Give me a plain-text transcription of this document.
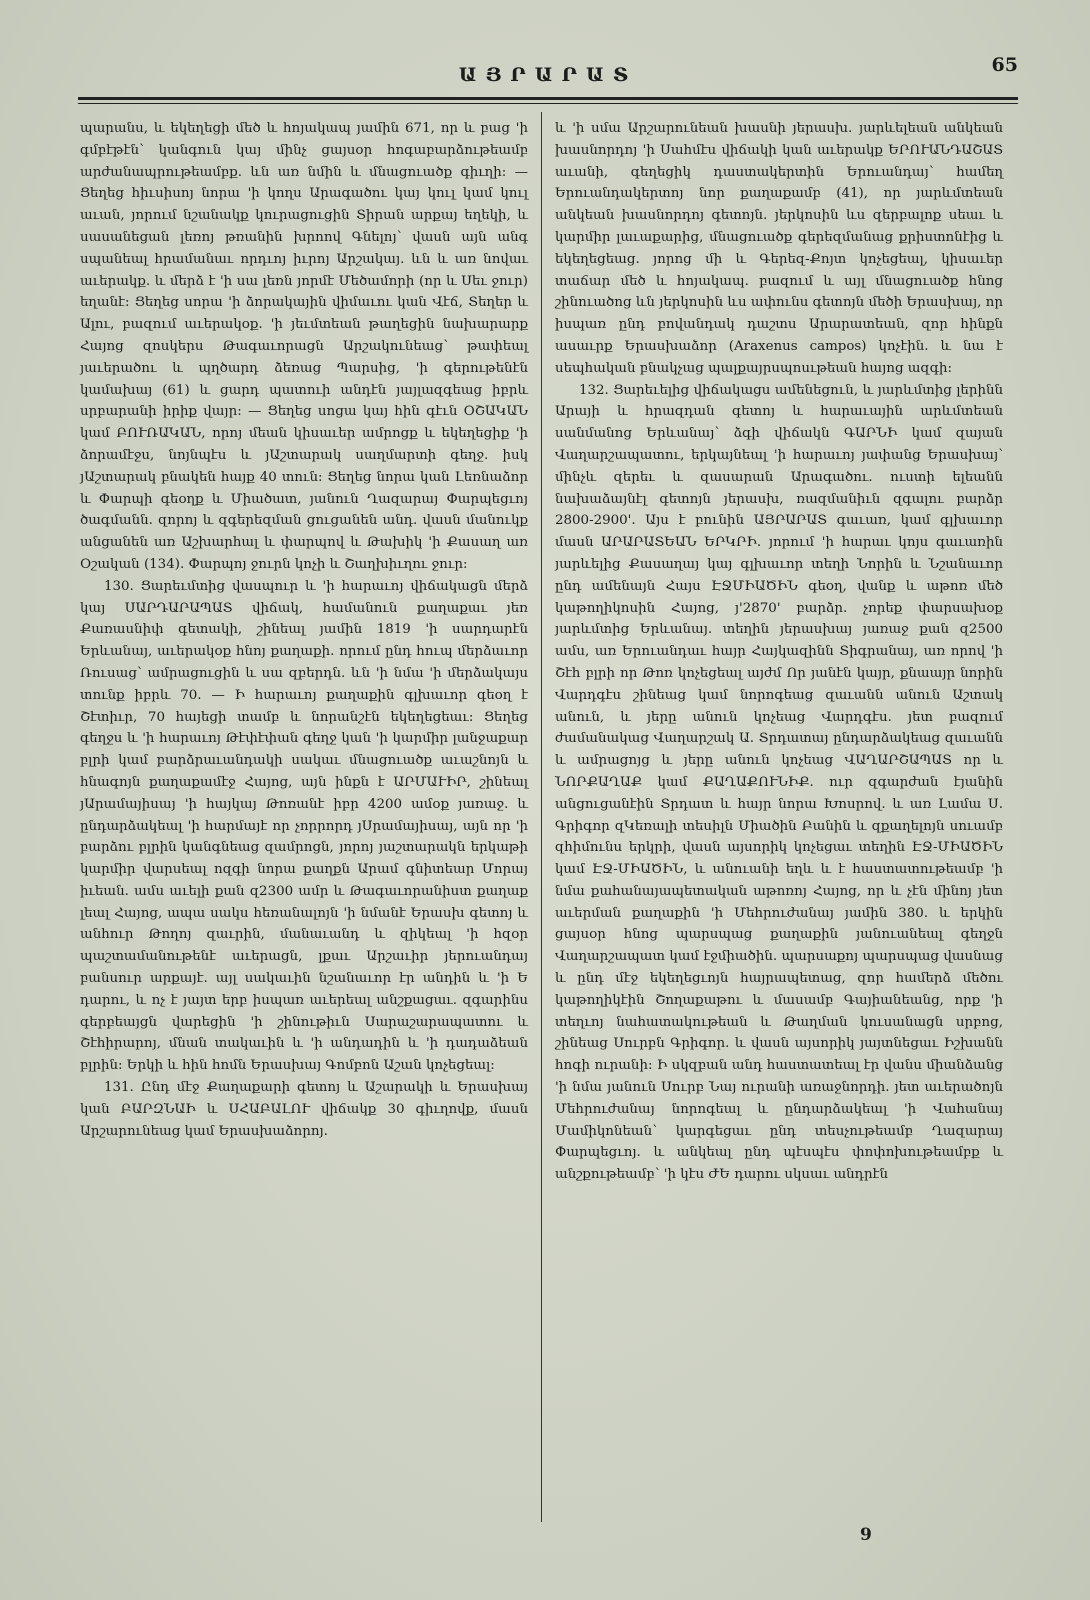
ԱՅՐԱՐԱՏ	65

պարանս, և եկեղեցի մեծ և հոյակապ յամին 671, որ և բաց 'ի գմբէթէն՝ կանգուն կայ մինչ ցայսօր հոգաբարձութեամբ արժանապրութեամբք. ևն առ նմին և մնացուածք գիւղի: — Ցեղեց հիւսիսոյ նորա 'ի կողս Արագածու կայ կուլ կամ կուլ աւան, յորում նշանակք կուրացուցին Տիրան արքայ եղեկի, և սասանեցան լեռոյ թռանին խրոով Գնելոյ՝ վասն այն անգ սպանեալ հրամանաւ որդւոյ իւրոյ Արշակայ. ևն և առ նովաւ աւերակք. և մերձ է 'ի սա լեռն յորմէ Մեծամորի (որ և Սեւ ջուր) եղանէ: Ցեղեց սորա 'ի ձորակային վիմաւու կան Վէճ, Տեղեր և Ալու, բազում աւերակօք. 'ի յեւմտեան թաղեցին նախարարք Հայոց զոսկերս Թագաւորացն Արշակունեաց՝ թափեալ յաւերածու և պղծարդ ձեռաց Պարսից, 'ի գերութենէն կամախայ (61) և ցարդ պատուի անդէն յայլազգեաց իբրև սրբարանի իրիք վայր: — Ցեղեց սոցա կայ հին գէւն ՕՇԱԿԱՆ կամ ԲՈՒՌԱԿԱՆ, որոյ մեան կիսաւեր ամրոցք և եկեղեցիք 'ի ձորամէջս, նոյնպէս և յԱշտարակ սաղմարտի գեղջ. իսկ յԱշտարակ բնակեն հայք 40 տուն: Ցեղեց նորա կան Լեռնաձոր և Փարպի գեօղք և Միածատ, յանուն Ղազարայ Փարպեցւոյ ծագմանն. զորոյ և զգերեզման ցուցանեն անդ. վասն մանուկք անցանեն առ Աշխարհալ և փարպով և Թախիկ 'ի Քասաղ առ Օշական (134). Փարպոյ ջուրն կոչի և Շաղխիւղու ջուր:

130. Ցարեւմտից վասպուր և 'ի հարաւոյ վիճակացն մերձ կայ ՍԱՐԴԱՐԱՊԱՏ վիճակ, համանուն քաղաքաւ յեռ Քառասնիփ գետակի, շինեալ յամին 1819 'ի սարդարէն Երևանայ, աւերակօք հնոյ քաղաքի. որում ընդ հուպ մերձաւոր Ռուսաց՝ ամրացուցին և սա զբերդն. ևն 'ի նմա 'ի մերձակայս տունք իբրև 70. — Ի հարաւոյ քաղաքին գլխաւոր գեօղ է Շէտիւր, 70 հայեցի տամբ և նորանշէն եկեղեցեաւ: Ցեղեց գեղջս և 'ի հարաւոյ Թէփէփան գեղջ կան 'ի կարմիր լանջաքար բլրի կամ բարձրաւանդակի սակաւ մնացուածք աւաշնոյն և հնագոյն քաղաքամէջ Հայոց, այն ինքն է ԱՐՄԱՒԻՐ, շինեալ յԱրամայիսայ 'ի հայկայ Թոռանէ իբր 4200 ամօք յառաջ. և ընդարձակեալ 'ի հարմայէ որ չորրորդ յՍրամայիսայ, այն որ 'ի բարձու բլրին կանգնեաց զամրոցն, յորոյ յաշտարակն երկաթի կարմիր վարսեալ ոզգի նորա քաղքն Արամ գնիտեար Մորայ իւեան. ամս աւելի քան զ2300 ամր և Թագաւորանիստ քաղաք լեալ Հայոց, ապա սակս հեռանալոյն 'ի նմանէ Երասխ գետոյ և անհուր Թողոյ զաւրին, մանաւանդ և զիկեալ 'ի հզօր պաշտամանութենէ աւերացն, լքաւ Արշաւիր յերուանդայ բանսուր արքայէ. այլ սակաւին նշանաւոր էր անդին և 'ի Ե դարու, և ոչ է յայտ երբ իսպառ աւերեալ անշքացաւ. զգարինս գերբեայցն վարեցին 'ի շինութիւն Սարաշարապատու և Շէհիրարոյ, մնան տակաւին և 'ի անդադին և 'ի դադաձեան բլրին: Երկի և հին հոմն Երասխայ Գոմբոն Աշան կոչեցեալ:

131. Ընդ մէջ Քաղաքարի գետոյ և Աշարակի և Երասխայ կան ԲԱՐԶՆԱԻ և ՍՀԱԲԱԼՈՒ վիճակք 30 գիւղովք, մասն Արշարունեաց կամ Երասխաձորոյ.

և 'ի սմա Արշարունեան խասնի յերասխ. յարևելեան անկեան խասնորդոյ 'ի Սահմէս վիճակի կան աւերակք ԵՐՈՒԱՆԴԱՇԱՏ աւանի, գեղեցիկ դաստակերտին Երուանդայ՝ համեղ Երուանդակերտոյ նոր քաղաքամբ (41), որ յարևմտեան անկեան խասնորդոյ գետոյն. յերկոսին ևս զերբալոք սեաւ և կարմիր լաւաքարից, մնացուածք գերեզմանաց քրիստոնէից և եկեղեցեաց. յորոց մի և Գերեզ-Քոյտ կոչեցեալ, կիսաւեր տաճար մեծ և հոյակապ. բազում և այլ մնացուածք հնոց շինուածոց ևն յերկոսին ևս ափունս գետոյն մեծի Երասխայ, որ իսպառ ընդ բովանդակ դաշտս Արարատեան, զոր հինքն ասաւրք Երասխաձոր (Araxenus campos) կոչէին. և նա է սեպհական բնակչաց պալքայրսպոսւթեան հայոց ազգի:

132. Ցարեւելից վիճակացս ամենեցուն, և յարևմտից լերինն Արայի և հրազդան գետոյ և հարաւային արևմտեան սանմանոց Երևանայ՝ ձգի վիճակն ԳԱՐՆԻ կամ զայան Վաղարշապատու, երկայնեալ 'ի հարաւոյ յափանց Երասխայ՝ մինչև զերեւ և զասարան Արագածու. ուստի ելեանն նախաձայնէլ գետոյն յերասխ, ռազմանիւն զգալու բարձր 2800-2900'. Այս է բունին ԱՅՐԱՐԱՏ գաւառ, կամ գլխաւոր մասն ԱՐԱՐԱՏԵԱՆ ԵՐԿՐԻ. յորում 'ի հարաւ կոյս գաւառին յարևելից Քասաղայ կայ գլխաւոր տեղի Նորին և Նշանաւոր ընդ ամենայն Հայս ԷՋՄԻԱԾԻՆ գեօղ, վանք և աթոռ մեծ կաթողիկոսին Հայոց, յ'2870' բարձր. չորեք փարսախօք յարևմտից Երևանայ. տեղին յերասխայ յառաջ քան զ2500 ամս, առ Երուանդաւ հայր Հայկազինն Տիգրանայ, առ որով 'ի Շէհ բլրի որ Թոռ կոչեցեալ այժմ Որ յանէն կայր, քնաայր նորին Վարդգէս շինեաց կամ նորոգեաց զաւանն անուն Աշտակ անուն, և յերը անուն կոչեաց Վարդգէս. յետ բազում ժամանակաց Վաղարշակ Ա. Տրդատայ ընդարձակեաց զաւանն և ամրացոյց և յերը անուն կոչեաց ՎԱՂԱՐՇԱՊԱՏ որ և ՆՈՐՔԱՂԱՔ կամ ՔԱՂԱՔՈՒՆԻՔ. ուր զգարժան էյանին անցուցանէին Տրդատ և հայր նորա Խոսրով. և առ Լամա Ս. Գրիգոր զԿեռալի տեսիլն Միածին Բանին և զքաղելոյն սուամբ զհիմունս երկրի, վասն այսորիկ կոչեցաւ տեղին ԷՋ-ՄԻԱԾԻՆ կամ ԷՋ-ՄԻԱԾԻՆ, և անուանի եղև և է հաստատութեամբ 'ի նմա քահանայապետական աթոռոյ Հայոց, որ և չէն մինոյ յետ աւերման քաղաքին 'ի Մեհրուժանայ յամին 380. և երկին ցայսօր հնոց պարսպաց քաղաքին յանուանեալ գեղջն Վաղարշապատ կամ էջմիածին. պարսաքոյ պարսպաց վասնաց և ընդ մէջ եկեղեցւոյն հայրապետաց, զոր համերձ մեծու կաթողիկէին Շողաքաթու և մասամբ Գայիանեանց, որք 'ի տեղւոյ նահատակութեան և Թաղման կուսանացն սրբոց, շինեաց Սուրբն Գրիգոր. և վասն այսորիկ յայտնեցաւ Իշխանն հոգի ուրանի: Ի սկզբան անդ հաստատեալ էր վանս միանձանց 'ի նմա յանուն Սուրբ Նայ ուրանի առաջնորդի. յետ աւերածոյն Մեհրուժանայ նորոգեալ և ընդարձակեալ 'ի Վահանայ Մամիկոնեան՝ կարգեցաւ ընդ տեսչութեամբ Ղազարայ Փարպեցւոյ. և անկեալ ընդ պէսպէս փոփոխութեամբք և անշքութեամբ՝ 'ի կէս ԺԵ դարու սկսաւ անդրէն

9
